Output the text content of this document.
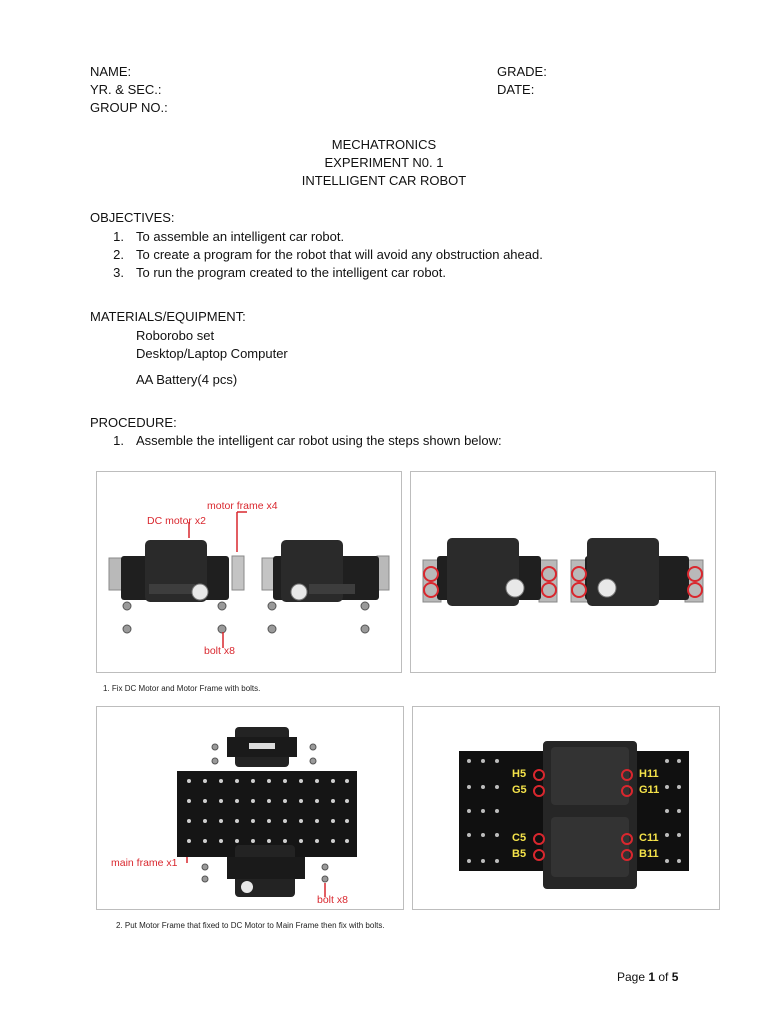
NAME:	GRADE:
YR. & SEC.:	DATE:
GROUP NO.:
MECHATRONICS
EXPERIMENT N0. 1
INTELLIGENT CAR ROBOT
OBJECTIVES:
1. To assemble an intelligent car robot.
2. To create a program for the robot that will avoid any obstruction ahead.
3. To run the program created to the intelligent car robot.
MATERIALS/EQUIPMENT:
Roborobo set
Desktop/Laptop Computer
AA Battery(4 pcs)
PROCEDURE:
1. Assemble the intelligent car robot using the steps shown below:
motor frame x4
DC motor x2
bolt x8
1. Fix DC Motor and Motor Frame with bolts.
main frame x1
bolt x8
H5
G5
C5
B5
H11
G11
C11
B11
2. Put Motor Frame that fixed to DC Motor to Main Frame then fix with bolts.
Page 1 of 5
